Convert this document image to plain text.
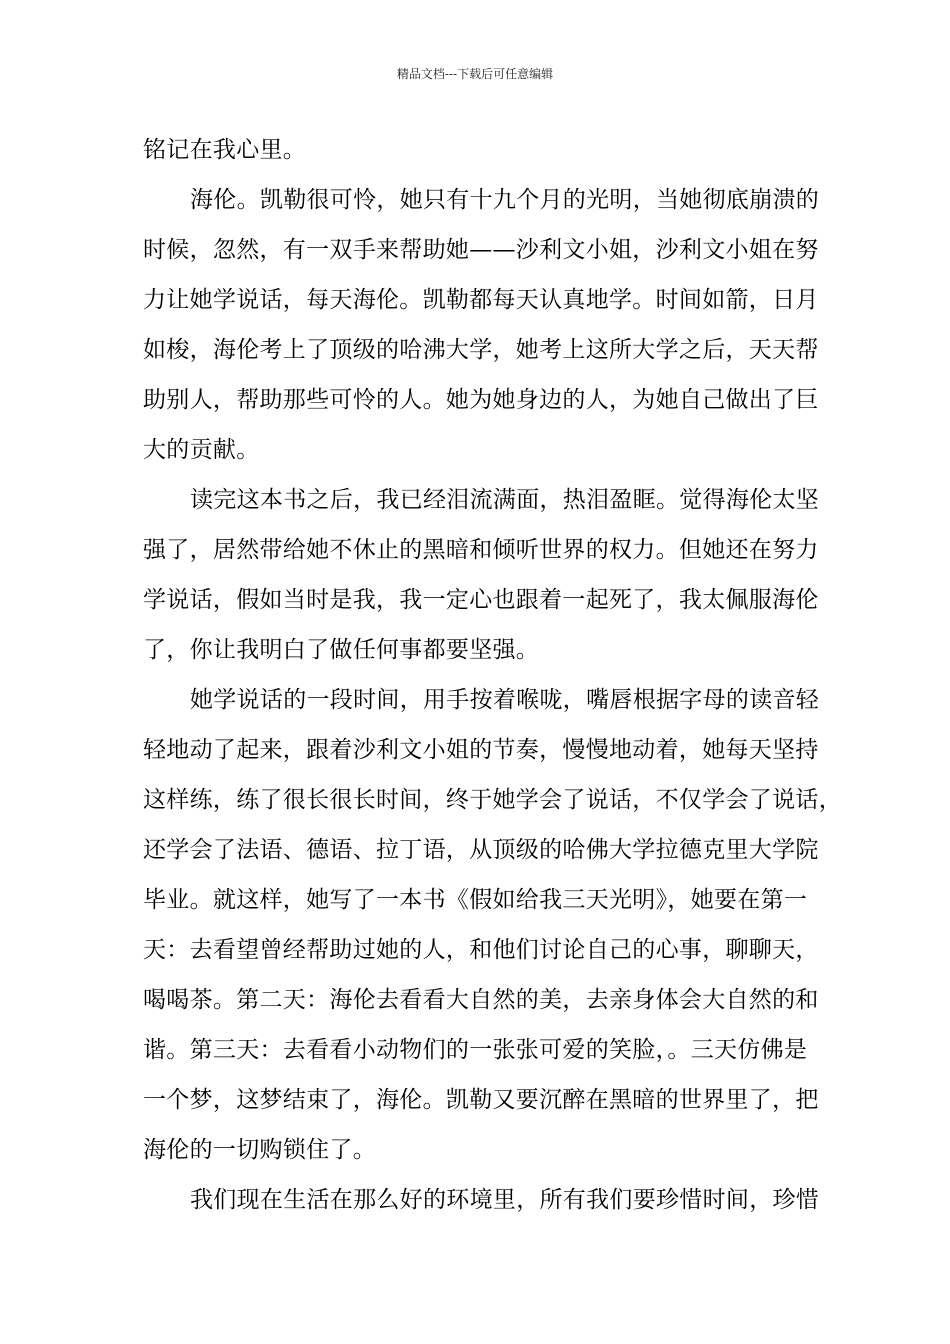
精品文档---下载后可任意编辑
铭记在我心里。
海伦。凯勒很可怜，她只有十九个月的光明，当她彻底崩溃的
时候，忽然，有一双手来帮助她——沙利文小姐，沙利文小姐在努
力让她学说话，每天海伦。凯勒都每天认真地学。时间如箭，日月
如梭，海伦考上了顶级的哈沸大学，她考上这所大学之后，天天帮
助别人，帮助那些可怜的人。她为她身边的人，为她自己做出了巨
大的贡献。
读完这本书之后，我已经泪流满面，热泪盈眶。觉得海伦太坚
强了，居然带给她不休止的黑暗和倾听世界的权力。但她还在努力
学说话，假如当时是我，我一定心也跟着一起死了，我太佩服海伦
了，你让我明白了做任何事都要坚强。
她学说话的一段时间，用手按着喉咙，嘴唇根据字母的读音轻
轻地动了起来，跟着沙利文小姐的节奏，慢慢地动着，她每天坚持
这样练，练了很长很长时间，终于她学会了说话，不仅学会了说话，
还学会了法语、德语、拉丁语，从顶级的哈佛大学拉德克里大学院
毕业。就这样，她写了一本书《假如给我三天光明》，她要在第一
天：去看望曾经帮助过她的人，和他们讨论自己的心事，聊聊天，
喝喝茶。第二天：海伦去看看大自然的美，去亲身体会大自然的和
谐。第三天：去看看小动物们的一张张可爱的笑脸，。三天仿佛是
一个梦，这梦结束了，海伦。凯勒又要沉醉在黑暗的世界里了，把
海伦的一切购锁住了。
我们现在生活在那么好的环境里，所有我们要珍惜时间，珍惜
